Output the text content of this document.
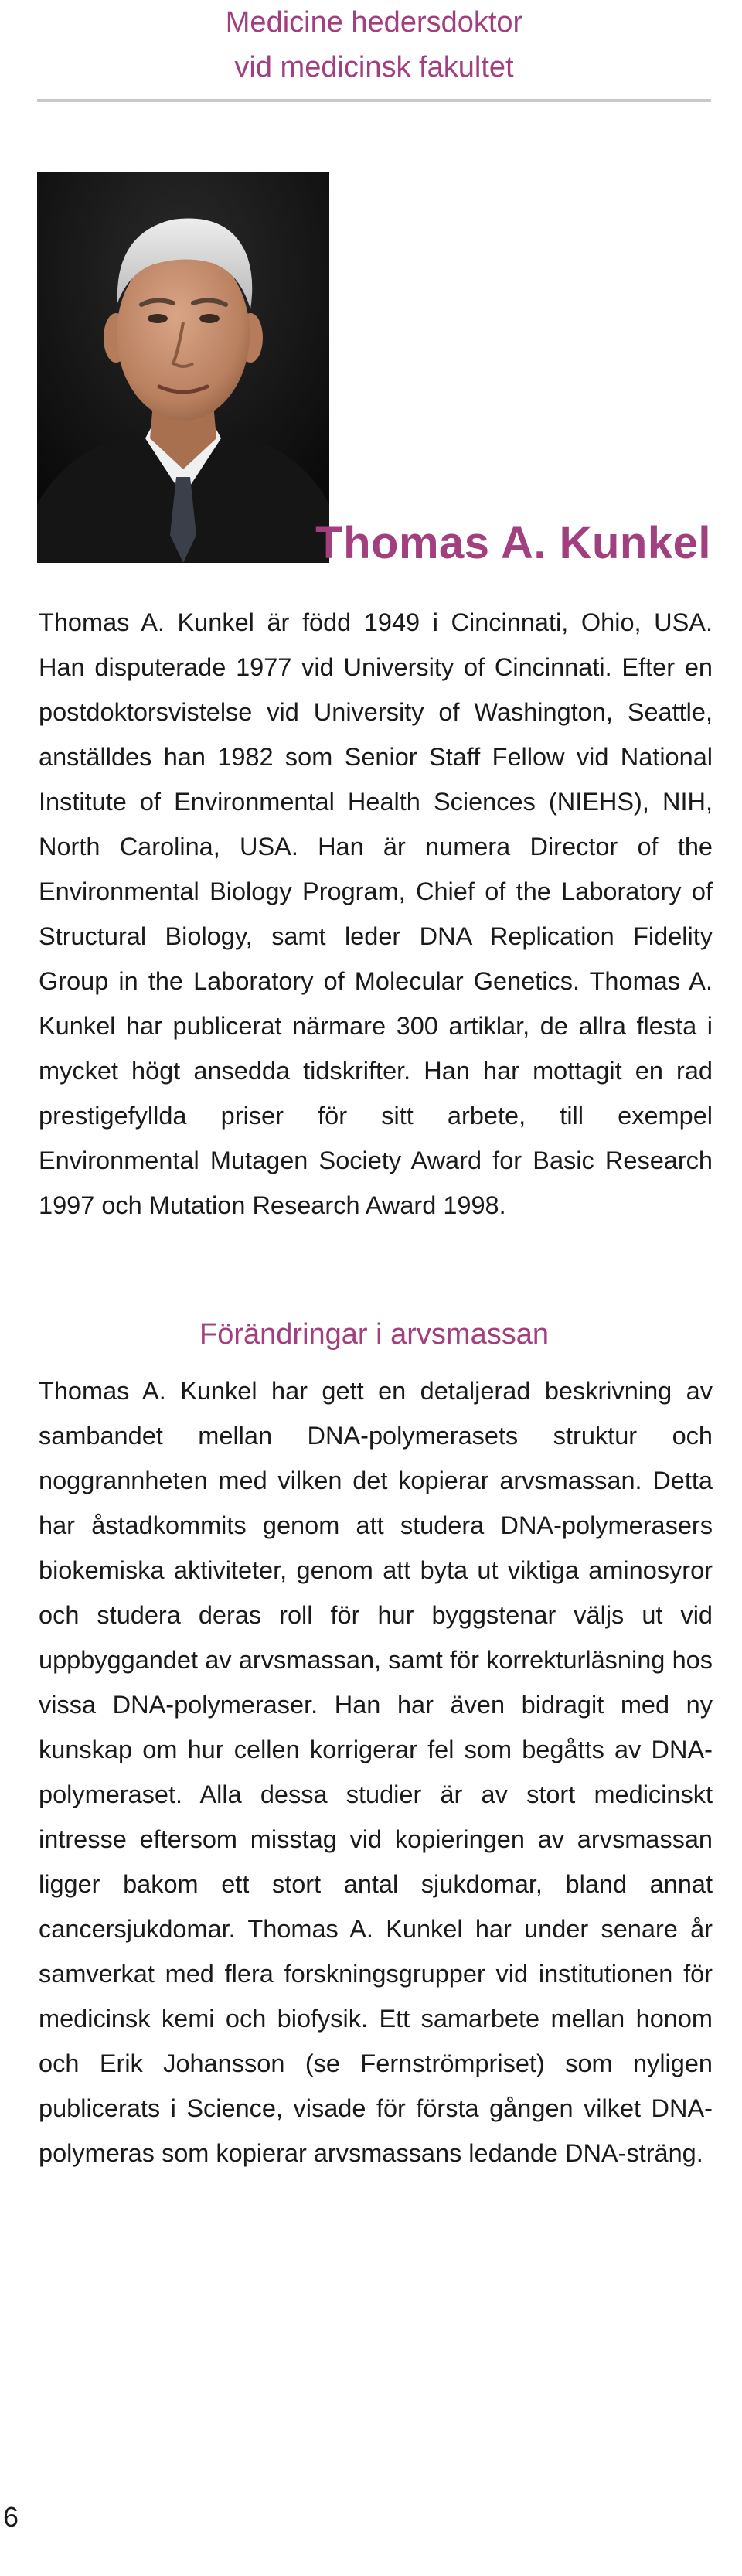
Medicine hedersdoktor
vid medicinsk fakultet
Thomas A. Kunkel

Thomas A. Kunkel är född 1949 i Cincinnati, Ohio, USA. Han disputerade 1977 vid University of Cincinnati. Efter en postdoktorsvistelse vid University of Washington, Seattle, anställdes han 1982 som Senior Staff Fellow vid National Institute of Environmental Health Sciences (NIEHS), NIH, North Carolina, USA. Han är numera Director of the Environmental Biology Program, Chief of the Laboratory of Structural Biology, samt leder DNA Replication Fidelity Group in the Laboratory of Molecular Genetics. Thomas A. Kunkel har publicerat närmare 300 artiklar, de allra flesta i mycket högt ansedda tidskrifter. Han har mottagit en rad prestigefyllda priser för sitt arbete, till exempel Environmental Mutagen Society Award for Basic Research 1997 och Mutation Research Award 1998.

Förändringar i arvsmassan

Thomas A. Kunkel har gett en detaljerad beskrivning av sambandet mellan DNA-polymerasets struktur och noggrannheten med vilken det kopierar arvsmassan. Detta har åstadkommits genom att studera DNA-polymerasers biokemiska aktiviteter, genom att byta ut viktiga aminosyror och studera deras roll för hur byggstenar väljs ut vid uppbyggandet av arvsmassan, samt för korrekturläsning hos vissa DNA-polymeraser. Han har även bidragit med ny kunskap om hur cellen korrigerar fel som begåtts av DNA-polymeraset. Alla dessa studier är av stort medicinskt intresse eftersom misstag vid kopieringen av arvsmassan ligger bakom ett stort antal sjukdomar, bland annat cancersjukdomar. Thomas A. Kunkel har under senare år samverkat med flera forskningsgrupper vid institutionen för medicinsk kemi och biofysik. Ett samarbete mellan honom och Erik Johansson (se Fernströmpriset) som nyligen publicerats i Science, visade för första gången vilket DNA-polymeras som kopierar arvsmassans ledande DNA-sträng.

6
